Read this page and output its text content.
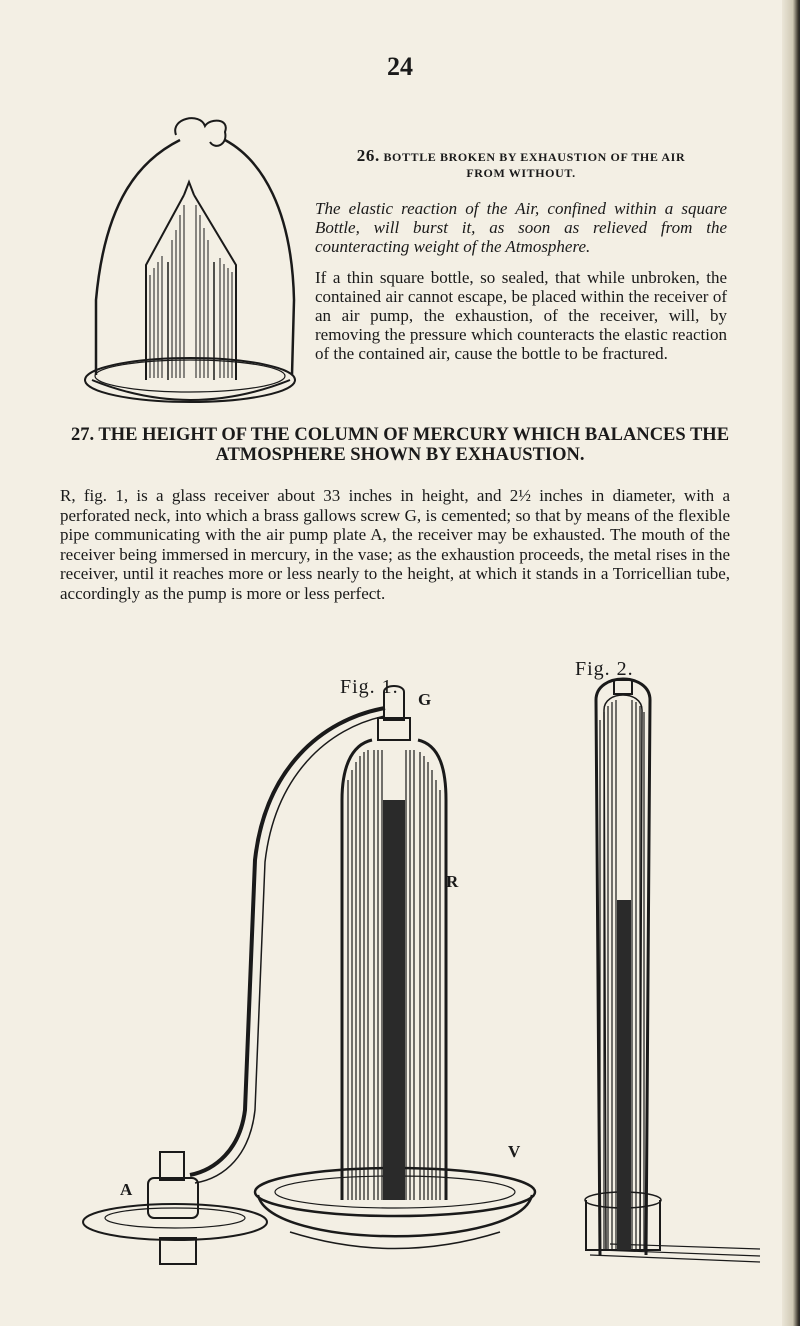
24

26. BOTTLE BROKEN BY EXHAUSTION OF THE AIR
FROM WITHOUT.

The elastic reaction of the Air, confined within a square Bottle, will burst it, as soon as relieved from the counteracting weight of the Atmosphere.

If a thin square bottle, so sealed, that while unbroken, the contained air cannot escape, be placed within the receiver of an air pump, the exhaustion, of the receiver, will, by removing the pressure which counteracts the elastic reaction of the contained air, cause the bottle to be fractured.

27. THE HEIGHT OF THE COLUMN OF MERCURY WHICH BALANCES THE ATMOSPHERE SHOWN BY EXHAUSTION.

R, fig. 1, is a glass receiver about 33 inches in height, and 2½ inches in diameter, with a perforated neck, into which a brass gallows screw G, is cemented; so that by means of the flexible pipe communicating with the air pump plate A, the receiver may be exhausted. The mouth of the receiver being immersed in mercury, in the vase; as the exhaustion proceeds, the metal rises in the receiver, until it reaches more or less nearly to the height, at which it stands in a Torricellian tube, accordingly as the pump is more or less perfect.

Fig. 2.
Fig. 1.
G
R
V
A
